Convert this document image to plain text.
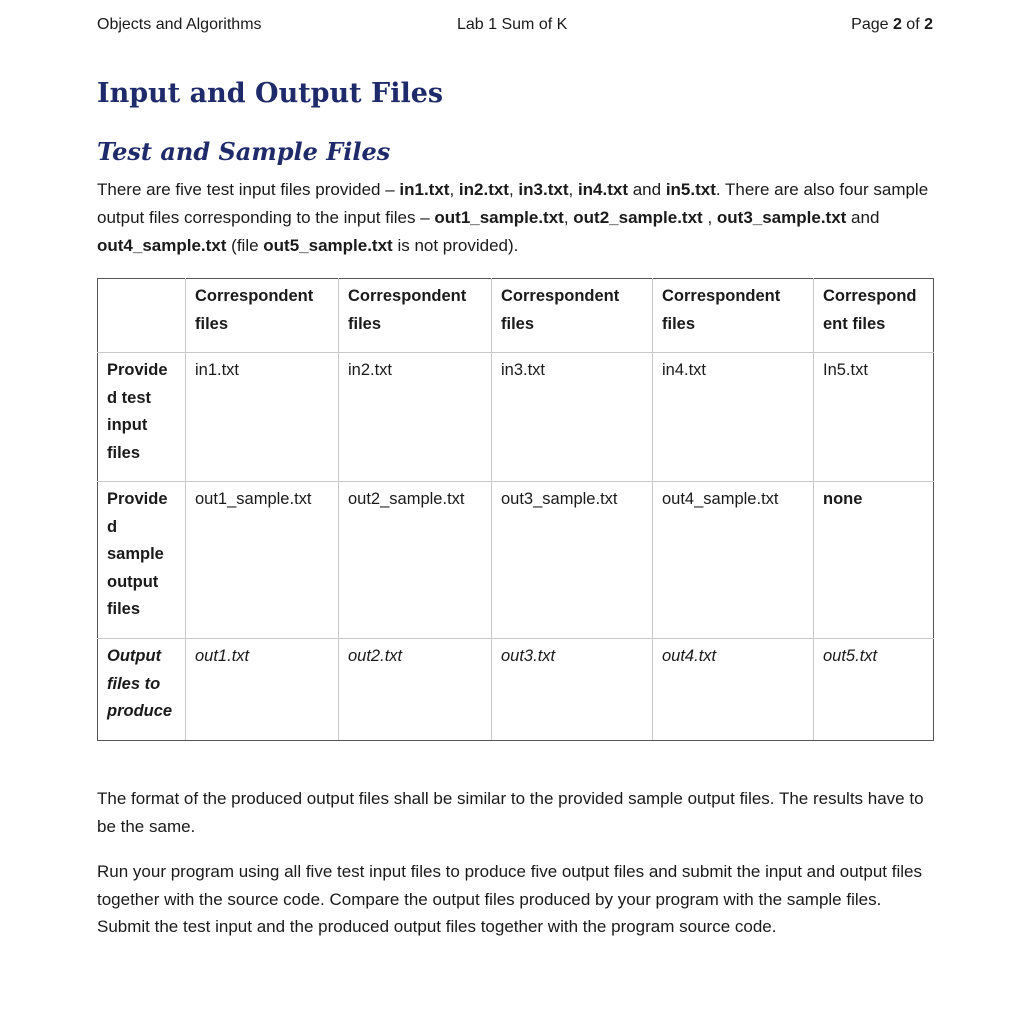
Objects and Algorithms	Lab 1 Sum of K	Page 2 of 2
Input and Output Files
Test and Sample Files

There are five test input files provided – in1.txt, in2.txt, in3.txt, in4.txt and in5.txt. There are also four sample output files corresponding to the input files – out1_sample.txt, out2_sample.txt , out3_sample.txt and out4_sample.txt (file out5_sample.txt is not provided).

	Correspondent files	Correspondent files	Correspondent files	Correspondent files	Correspond ent files
Provide d test input files	in1.txt	in2.txt	in3.txt	in4.txt	In5.txt
Provide d sample output files	out1_sample.txt	out2_sample.txt	out3_sample.txt	out4_sample.txt	none
Output files to produce	out1.txt	out2.txt	out3.txt	out4.txt	out5.txt

The format of the produced output files shall be similar to the provided sample output files. The results have to be the same.

Run your program using all five test input files to produce five output files and submit the input and output files together with the source code. Compare the output files produced by your program with the sample files. Submit the test input and the produced output files together with the program source code.
